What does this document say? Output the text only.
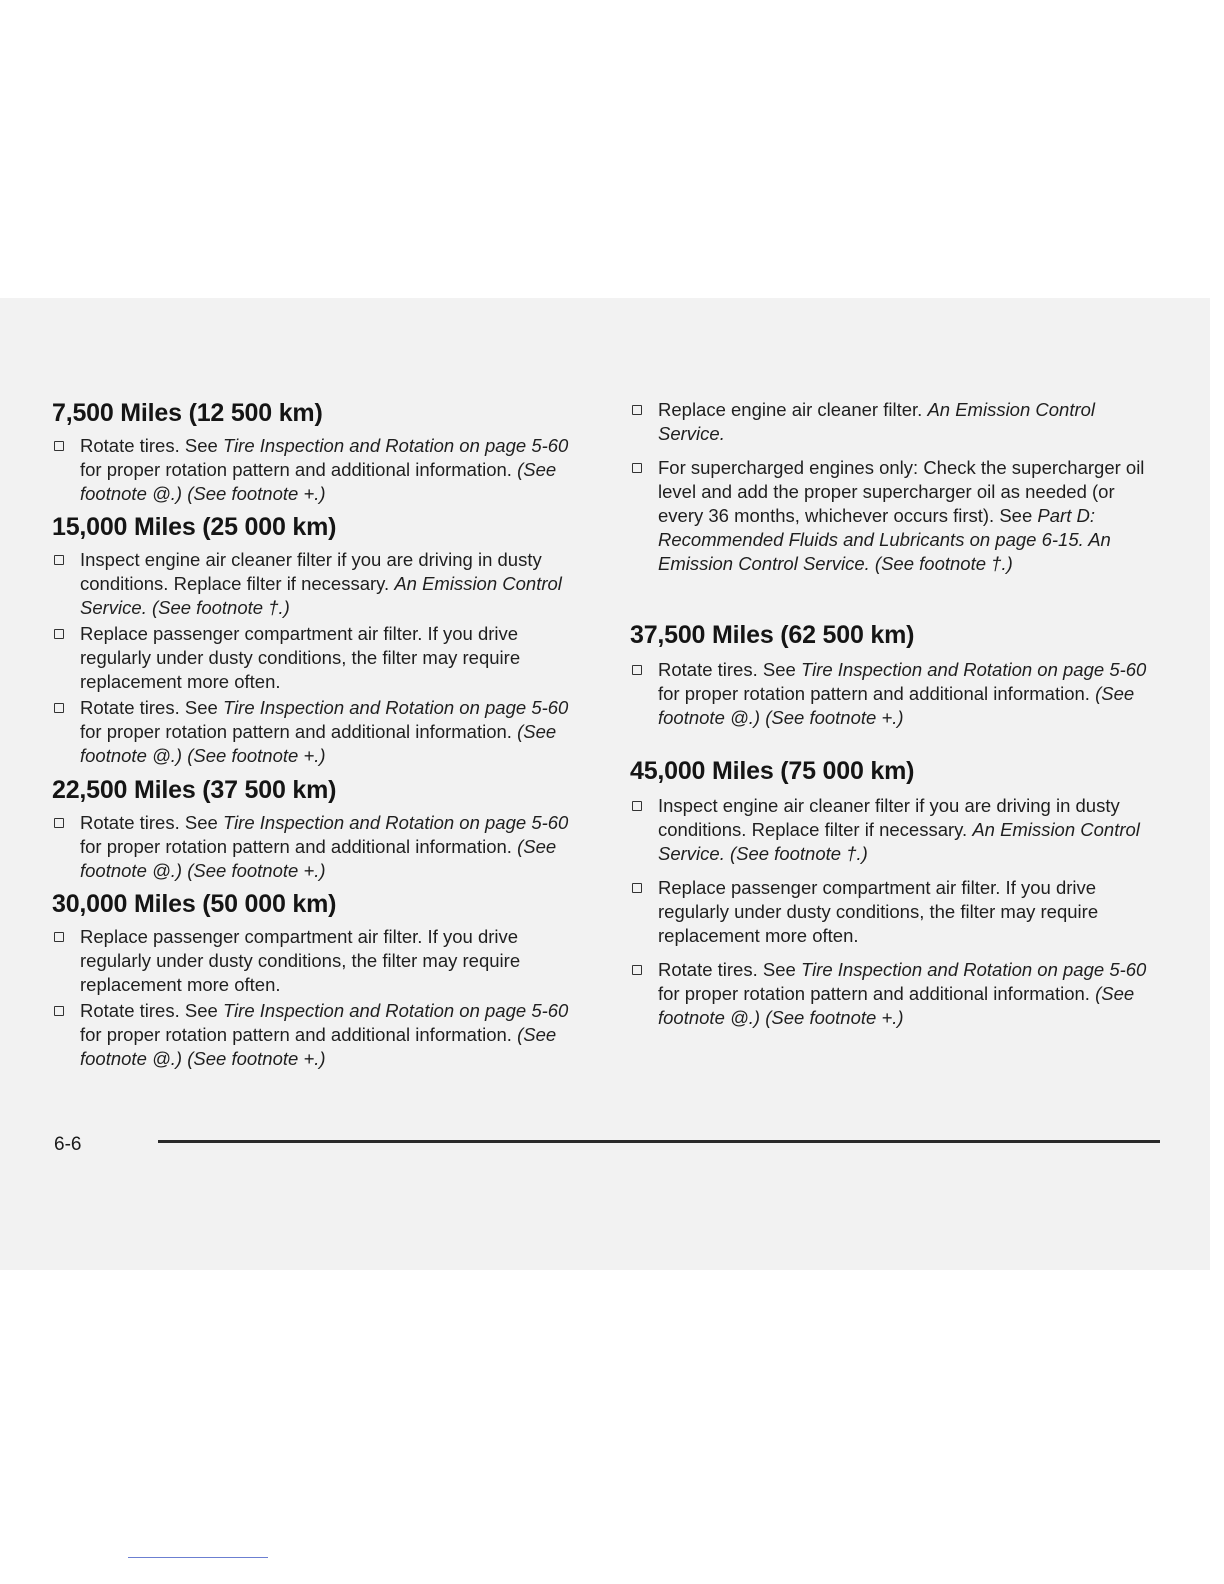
7,500 Miles (12 500 km)
Rotate tires. See Tire Inspection and Rotation on page 5-60 for proper rotation pattern and additional information. (See footnote @.) (See footnote +.)
15,000 Miles (25 000 km)
Inspect engine air cleaner filter if you are driving in dusty conditions. Replace filter if necessary. An Emission Control Service. (See footnote †.)
Replace passenger compartment air filter. If you drive regularly under dusty conditions, the filter may require replacement more often.
Rotate tires. See Tire Inspection and Rotation on page 5-60 for proper rotation pattern and additional information. (See footnote @.) (See footnote +.)
22,500 Miles (37 500 km)
Rotate tires. See Tire Inspection and Rotation on page 5-60 for proper rotation pattern and additional information. (See footnote @.) (See footnote +.)
30,000 Miles (50 000 km)
Replace passenger compartment air filter. If you drive regularly under dusty conditions, the filter may require replacement more often.
Rotate tires. See Tire Inspection and Rotation on page 5-60 for proper rotation pattern and additional information. (See footnote @.) (See footnote +.)
Replace engine air cleaner filter. An Emission Control Service.
For supercharged engines only: Check the supercharger oil level and add the proper supercharger oil as needed (or every 36 months, whichever occurs first). See Part D: Recommended Fluids and Lubricants on page 6-15. An Emission Control Service. (See footnote †.)
37,500 Miles (62 500 km)
Rotate tires. See Tire Inspection and Rotation on page 5-60 for proper rotation pattern and additional information. (See footnote @.) (See footnote +.)
45,000 Miles (75 000 km)
Inspect engine air cleaner filter if you are driving in dusty conditions. Replace filter if necessary. An Emission Control Service. (See footnote †.)
Replace passenger compartment air filter. If you drive regularly under dusty conditions, the filter may require replacement more often.
Rotate tires. See Tire Inspection and Rotation on page 5-60 for proper rotation pattern and additional information. (See footnote @.) (See footnote +.)
6-6
